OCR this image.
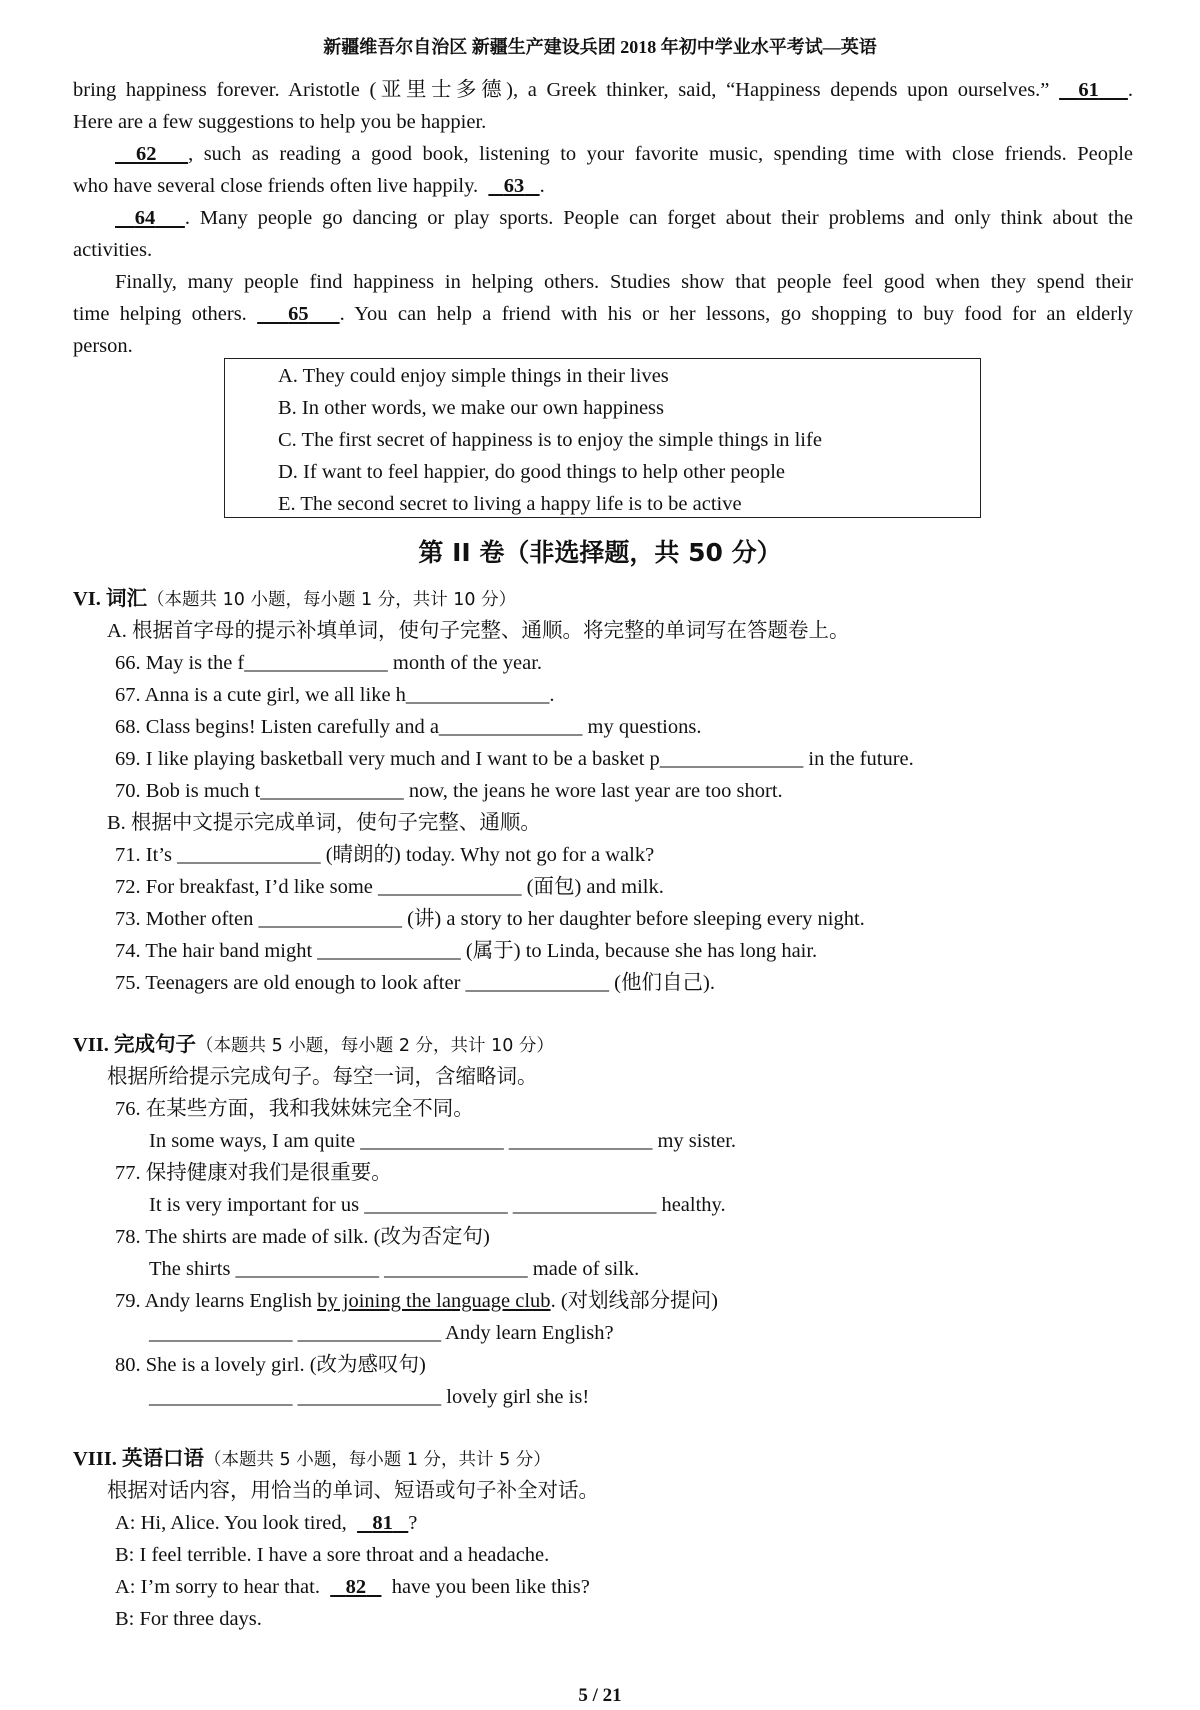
新疆维吾尔自治区 新疆生产建设兵团 2018 年初中学业水平考试—英语
bring happiness forever. Aristotle (亚里士多德), a Greek thinker, said, “Happiness depends upon ourselves.” 61 .
Here are a few suggestions to help you be happier.
62 , such as reading a good book, listening to your favorite music, spending time with close friends. People
who have several close friends often live happily. 63 .
64 . Many people go dancing or play sports. People can forget about their problems and only think about the
activities.
Finally, many people find happiness in helping others. Studies show that people feel good when they spend their
time helping others. 65 . You can help a friend with his or her lessons, go shopping to buy food for an elderly
person.
A. They could enjoy simple things in their lives
B. In other words, we make our own happiness
C. The first secret of happiness is to enjoy the simple things in life
D. If want to feel happier, do good things to help other people
E. The second secret to living a happy life is to be active
第 II 卷（非选择题，共 50 分）
VI. 词汇（本题共 10 小题，每小题 1 分，共计 10 分）
A. 根据首字母的提示补填单词，使句子完整、通顺。将完整的单词写在答题卷上。
66. May is the f______________ month of the year.
67. Anna is a cute girl, we all like h______________.
68. Class begins! Listen carefully and a______________ my questions.
69. I like playing basketball very much and I want to be a basket p______________ in the future.
70. Bob is much t______________ now, the jeans he wore last year are too short.
B. 根据中文提示完成单词，使句子完整、通顺。
71. It’s ______________ (晴朗的) today. Why not go for a walk?
72. For breakfast, I’d like some ______________ (面包) and milk.
73. Mother often ______________ (讲) a story to her daughter before sleeping every night.
74. The hair band might ______________ (属于) to Linda, because she has long hair.
75. Teenagers are old enough to look after ______________ (他们自己).
VII. 完成句子（本题共 5 小题，每小题 2 分，共计 10 分）
根据所给提示完成句子。每空一词，含缩略词。
76. 在某些方面，我和我妹妹完全不同。
In some ways, I am quite ______________ ______________ my sister.
77. 保持健康对我们是很重要。
It is very important for us ______________ ______________ healthy.
78. The shirts are made of silk. (改为否定句)
The shirts ______________ ______________ made of silk.
79. Andy learns English by joining the language club. (对划线部分提问)
______________ ______________ Andy learn English?
80. She is a lovely girl. (改为感叹句)
______________ ______________ lovely girl she is!
VIII. 英语口语（本题共 5 小题，每小题 1 分，共计 5 分）
根据对话内容，用恰当的单词、短语或句子补全对话。
A: Hi, Alice. You look tired, 81 ?
B: I feel terrible. I have a sore throat and a headache.
A: I’m sorry to hear that. 82 have you been like this?
B: For three days.
5 / 21
